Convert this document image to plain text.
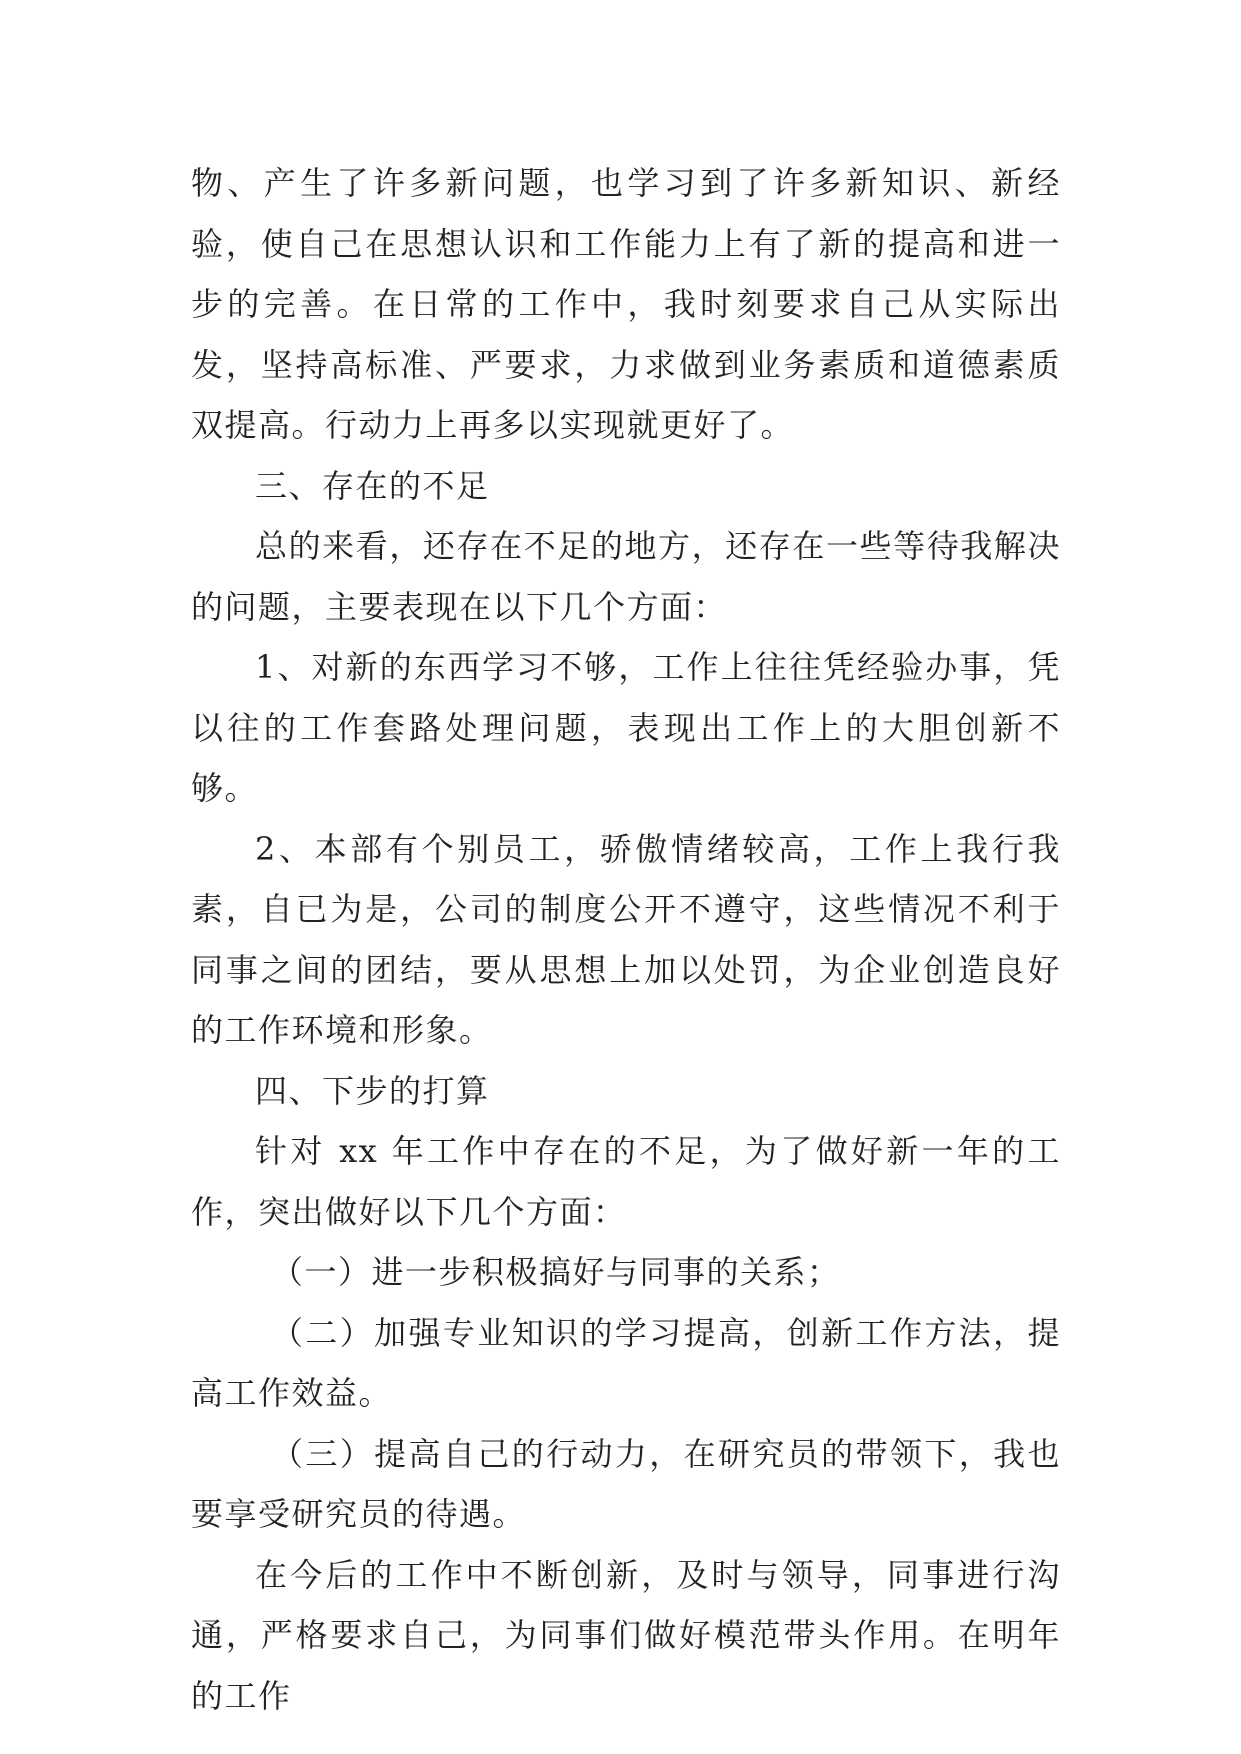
物、产生了许多新问题，也学习到了许多新知识、新经验，使自己在思想认识和工作能力上有了新的提高和进一步的完善。在日常的工作中，我时刻要求自己从实际出发，坚持高标准、严要求，力求做到业务素质和道德素质双提高。行动力上再多以实现就更好了。

三、存在的不足

总的来看，还存在不足的地方，还存在一些等待我解决的问题，主要表现在以下几个方面：

1、对新的东西学习不够，工作上往往凭经验办事，凭以往的工作套路处理问题，表现出工作上的大胆创新不够。

2、本部有个别员工，骄傲情绪较高，工作上我行我素，自已为是，公司的制度公开不遵守，这些情况不利于同事之间的团结，要从思想上加以处罚，为企业创造良好的工作环境和形象。

四、下步的打算

针对 xx 年工作中存在的不足，为了做好新一年的工作，突出做好以下几个方面：

（一）进一步积极搞好与同事的关系；

（二）加强专业知识的学习提高，创新工作方法，提高工作效益。

（三）提高自己的行动力，在研究员的带领下，我也要享受研究员的待遇。

在今后的工作中不断创新，及时与领导，同事进行沟通，严格要求自己，为同事们做好模范带头作用。在明年的工作
